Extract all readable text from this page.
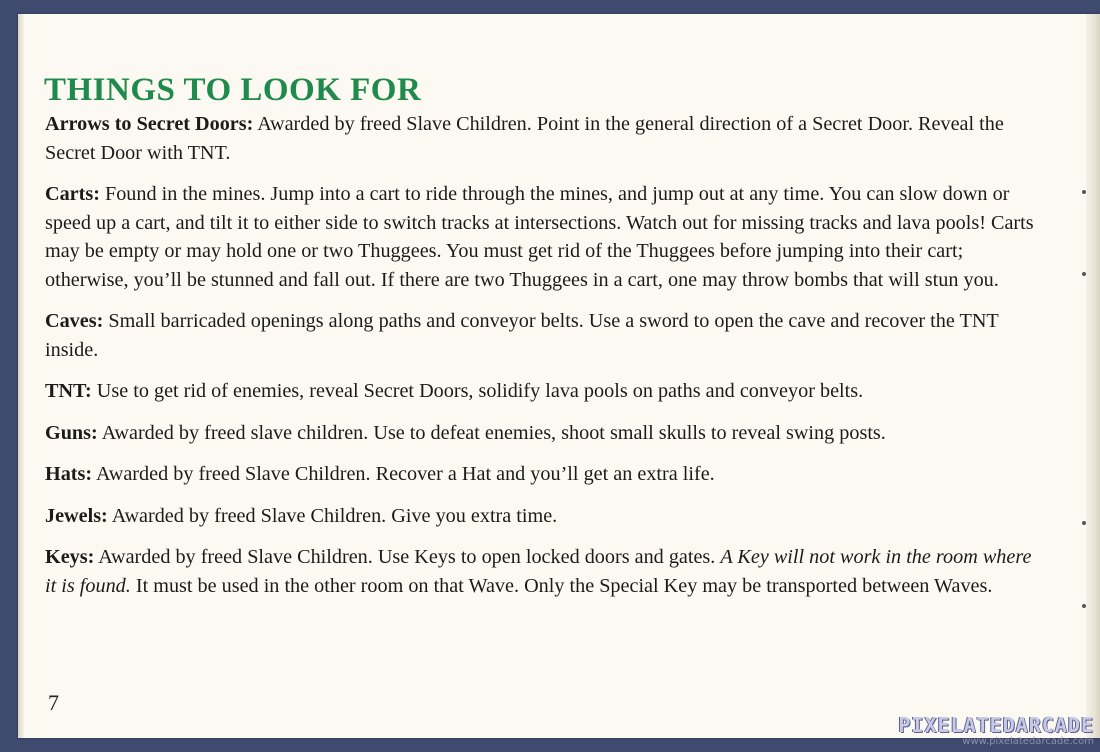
THINGS TO LOOK FOR

Arrows to Secret Doors: Awarded by freed Slave Children. Point in the general direction of a Secret Door. Reveal the Secret Door with TNT.

Carts: Found in the mines. Jump into a cart to ride through the mines, and jump out at any time. You can slow down or speed up a cart, and tilt it to either side to switch tracks at intersections. Watch out for missing tracks and lava pools! Carts may be empty or may hold one or two Thuggees. You must get rid of the Thuggees before jumping into their cart; otherwise, you’ll be stunned and fall out. If there are two Thuggees in a cart, one may throw bombs that will stun you.

Caves: Small barricaded openings along paths and conveyor belts. Use a sword to open the cave and recover the TNT inside.

TNT: Use to get rid of enemies, reveal Secret Doors, solidify lava pools on paths and conveyor belts.

Guns: Awarded by freed slave children. Use to defeat enemies, shoot small skulls to reveal swing posts.

Hats: Awarded by freed Slave Children. Recover a Hat and you’ll get an extra life.

Jewels: Awarded by freed Slave Children. Give you extra time.

Keys: Awarded by freed Slave Children. Use Keys to open locked doors and gates. A Key will not work in the room where it is found. It must be used in the other room on that Wave. Only the Special Key may be transported between Waves.

7
PIXELATEDARCADE
www.pixelatedarcade.com
